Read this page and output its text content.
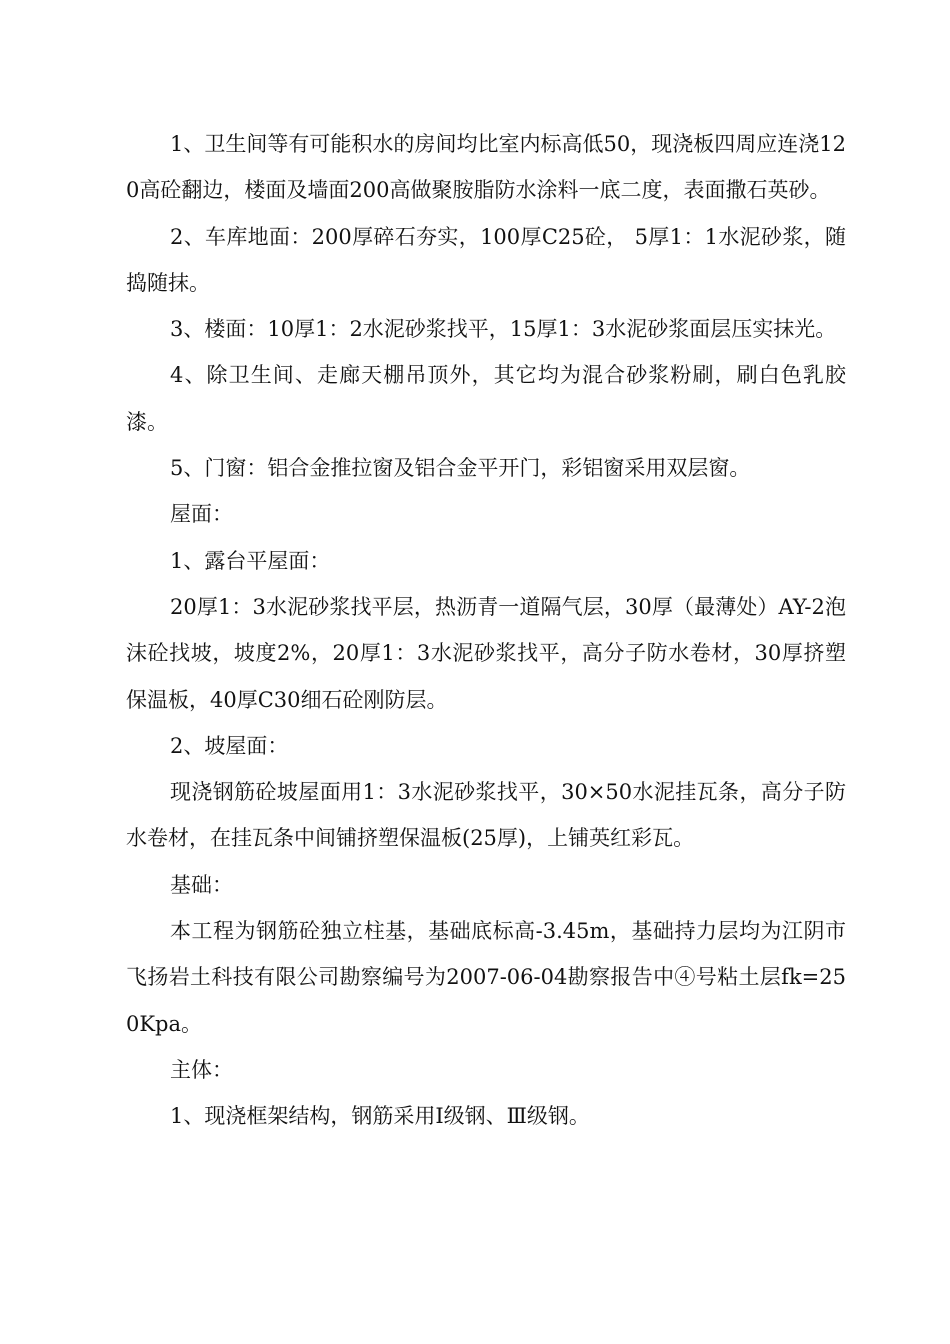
1、卫生间等有可能积水的房间均比室内标高低50，现浇板四周应连浇120高砼翻边，楼面及墙面200高做聚胺脂防水涂料一底二度，表面撒石英砂。

2、车库地面：200厚碎石夯实，100厚C25砼， 5厚1：1水泥砂浆，随捣随抹。

3、楼面：10厚1：2水泥砂浆找平，15厚1：3水泥砂浆面层压实抹光。

4、除卫生间、走廊天棚吊顶外，其它均为混合砂浆粉刷，刷白色乳胶漆。

5、门窗：铝合金推拉窗及铝合金平开门，彩铝窗采用双层窗。

屋面：

1、露台平屋面：

20厚1：3水泥砂浆找平层，热沥青一道隔气层，30厚（最薄处）AY-2泡沫砼找坡，坡度2%，20厚1：3水泥砂浆找平，高分子防水卷材，30厚挤塑保温板，40厚C30细石砼刚防层。

2、坡屋面：

现浇钢筋砼坡屋面用1：3水泥砂浆找平，30×50水泥挂瓦条，高分子防水卷材，在挂瓦条中间铺挤塑保温板(25厚)，上铺英红彩瓦。

基础：

本工程为钢筋砼独立柱基，基础底标高-3.45m，基础持力层均为江阴市飞扬岩土科技有限公司勘察编号为2007-06-04勘察报告中④号粘土层fk=250Kpa。

主体：

1、现浇框架结构，钢筋采用Ⅰ级钢、Ⅲ级钢。
